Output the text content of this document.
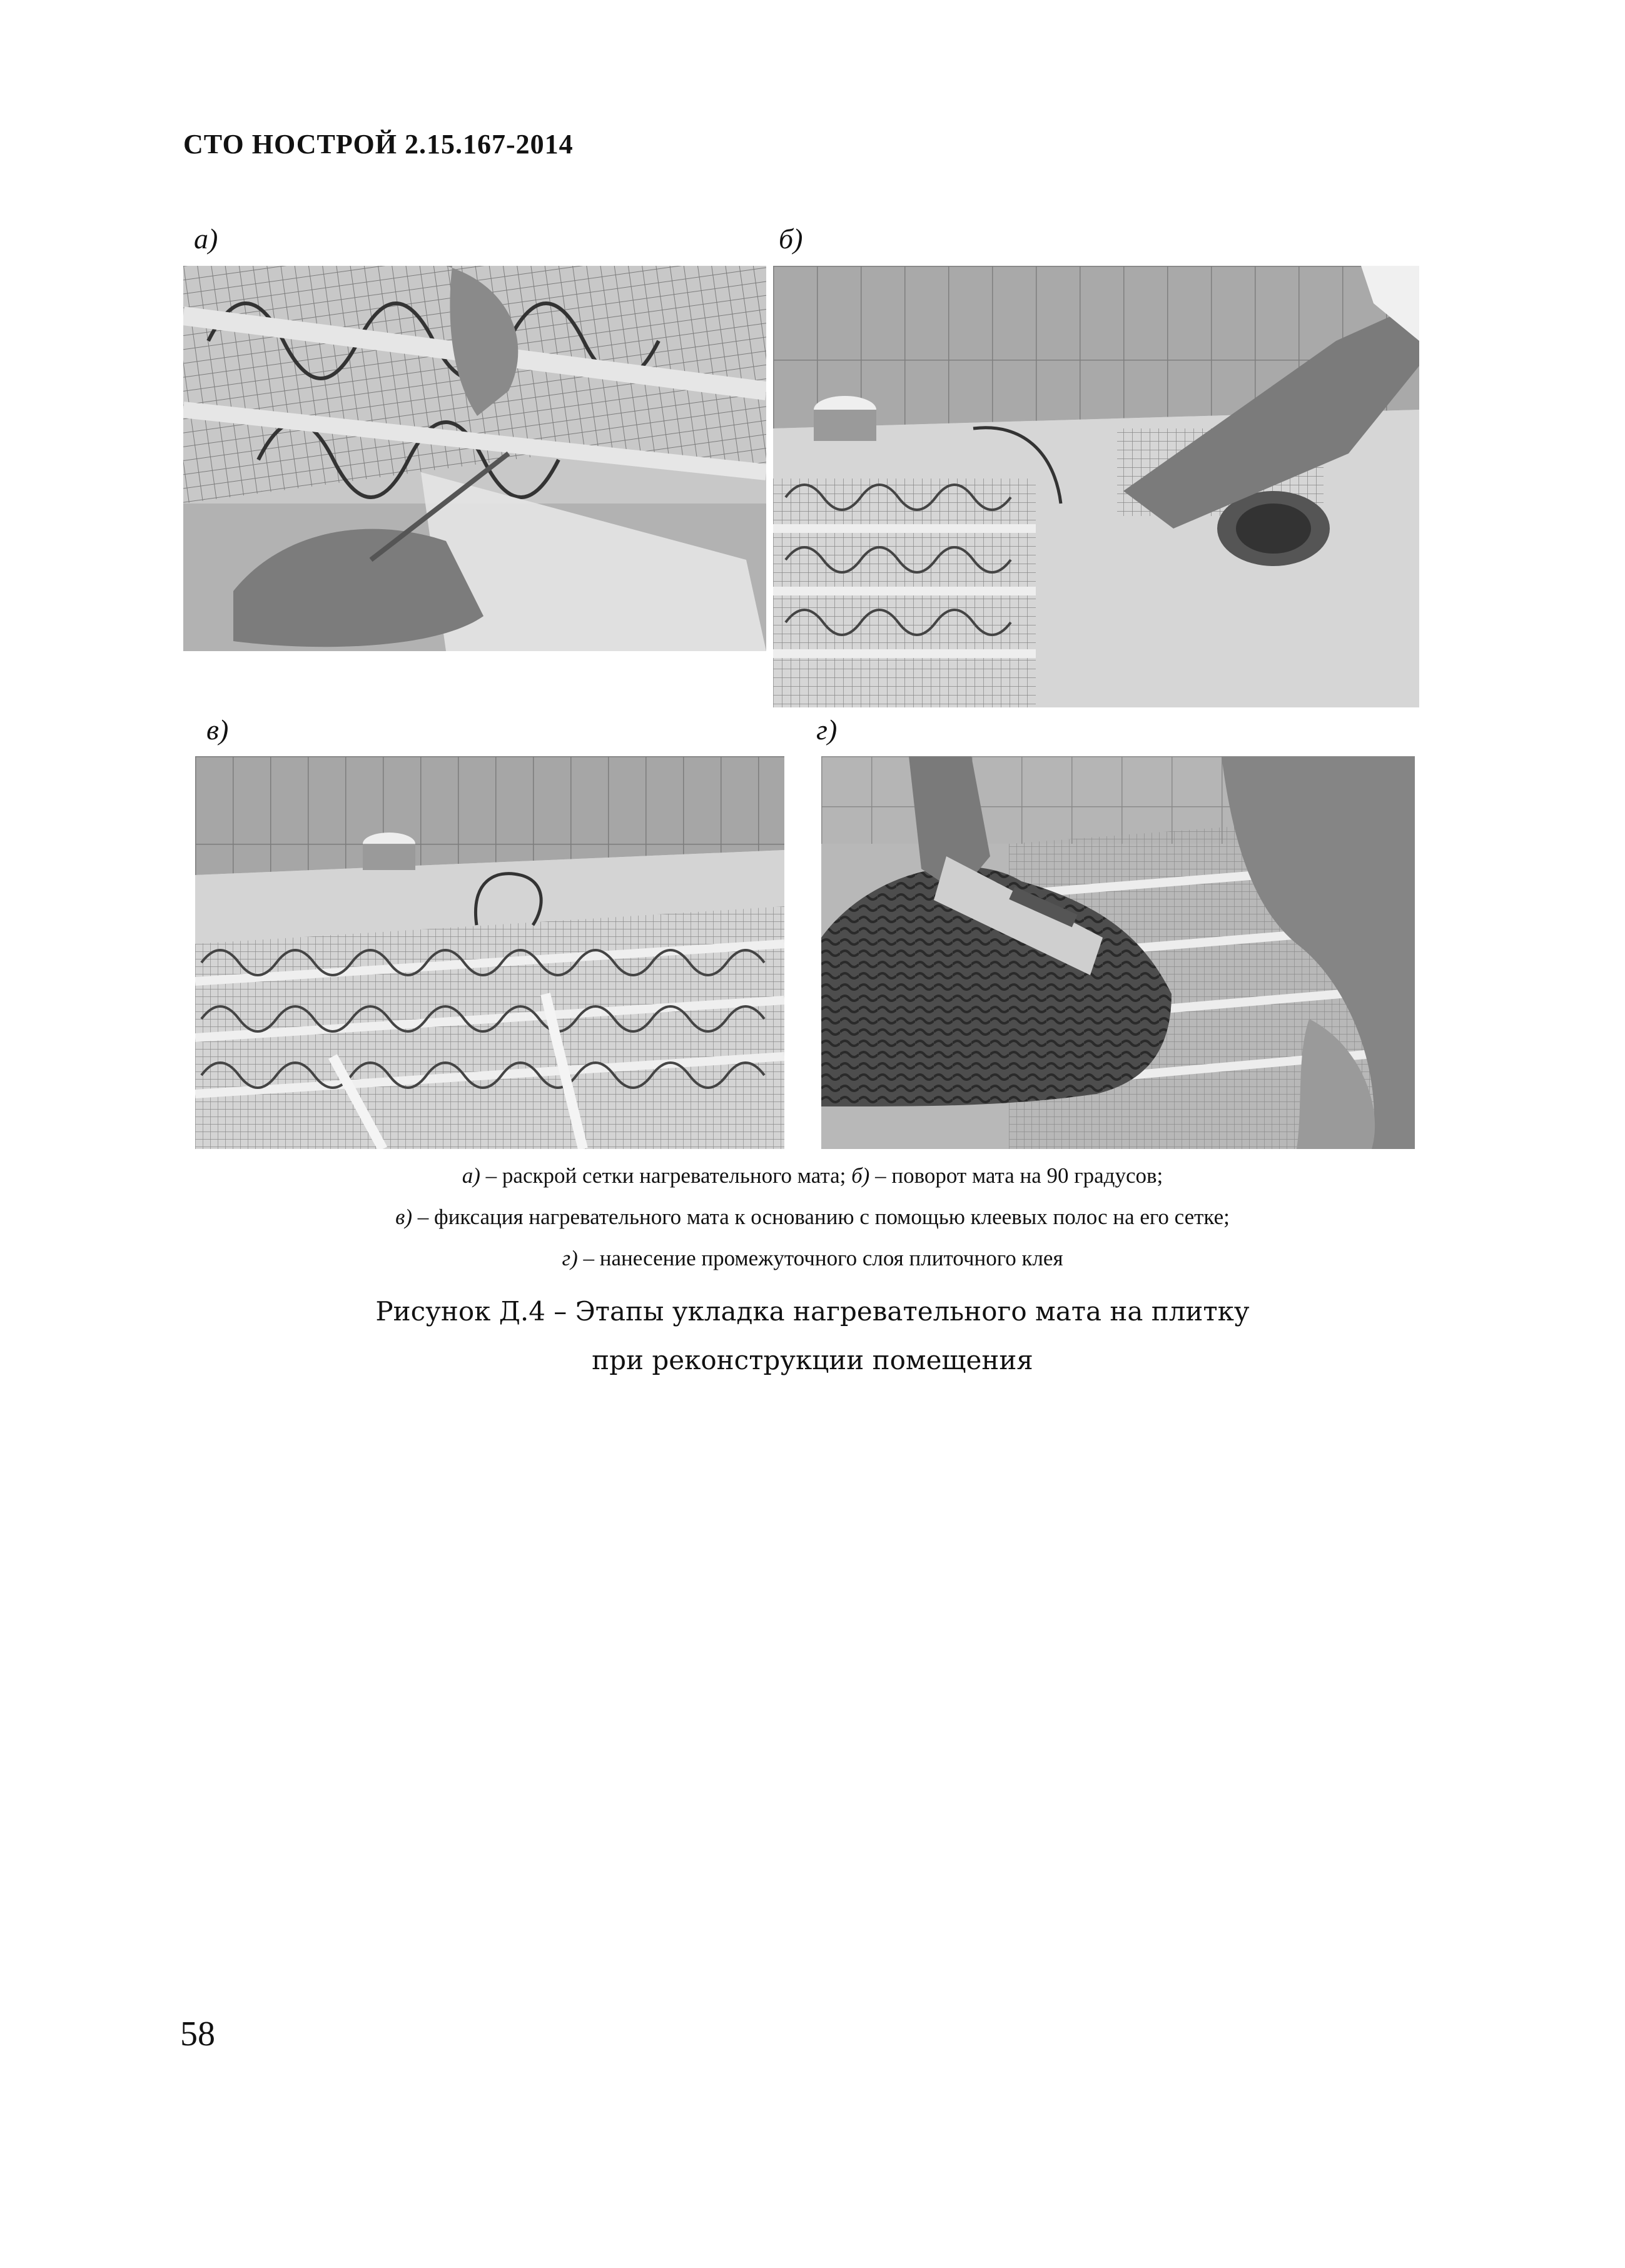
СТО НОСТРОЙ 2.15.167-2014
а)	б)
в)	г)
а) – раскрой сетки нагревательного мата; б) – поворот мата на 90 градусов;
в) – фиксация нагревательного мата к основанию с помощью клеевых полос на его сетке;
г) – нанесение промежуточного слоя плиточного клея
Рисунок Д.4 – Этапы укладка нагревательного мата на плитку
при реконструкции помещения
58
